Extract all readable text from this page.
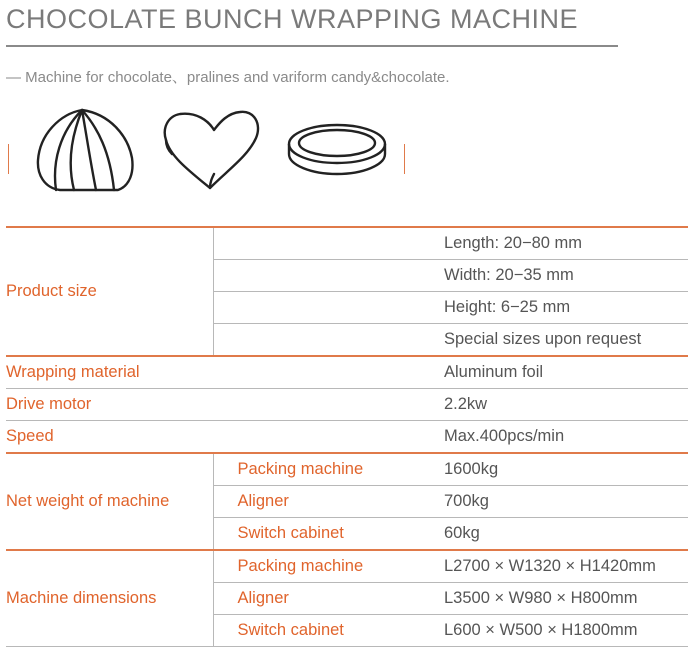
CHOCOLATE BUNCH WRAPPING MACHINE
— Machine for chocolate、pralines and variform candy&chocolate.
Product size		Length: 20−80 mm
		Width: 20−35 mm
		Height: 6−25 mm
		Special sizes upon request
Wrapping material		Aluminum foil
Drive motor		2.2kw
Speed		Max.400pcs/min
Net weight of machine	Packing machine	1600kg
	Aligner	700kg
	Switch cabinet	60kg
Machine dimensions	Packing machine	L2700 × W1320 × H1420mm
	Aligner	L3500 × W980 × H800mm
	Switch cabinet	L600 × W500 × H1800mm
